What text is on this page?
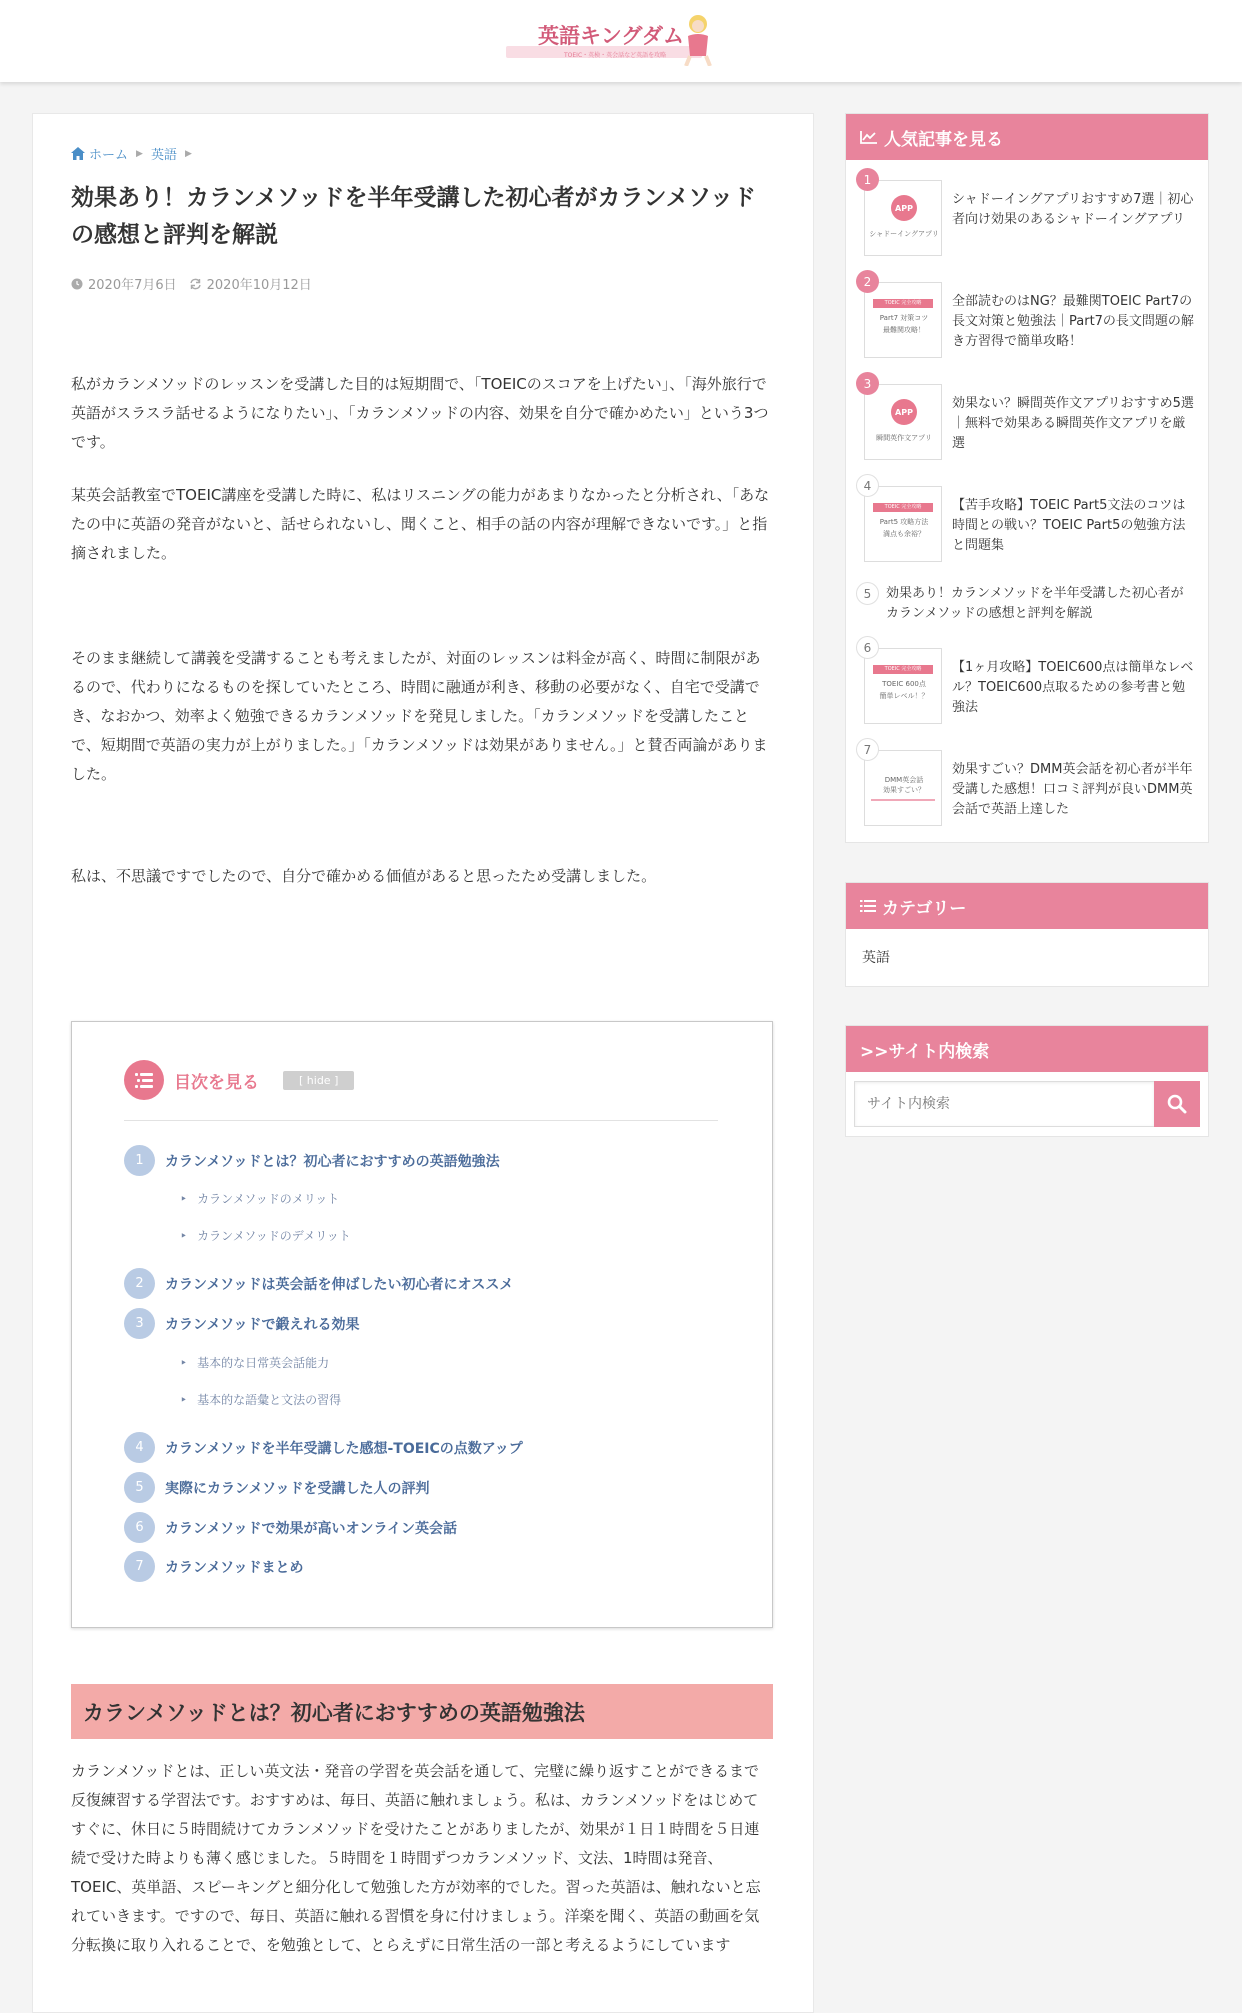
英語キングダム
TOEIC・英検・英会話など英語を攻略
ホーム ▶ 英語 ▶
効果あり！カランメソッドを半年受講した初心者がカランメソッドの感想と評判を解説
2020年7月6日 2020年10月12日

私がカランメソッドのレッスンを受講した目的は短期間で、「TOEICのスコアを上げたい」、「海外旅行で英語がスラスラ話せるようになりたい」、「カランメソッドの内容、効果を自分で確かめたい」という3つです。

某英会話教室でTOEIC講座を受講した時に、私はリスニングの能力があまりなかったと分析され、「あなたの中に英語の発音がないと、話せられないし、聞くこと、相手の話の内容が理解できないです。」と指摘されました。

そのまま継続して講義を受講することも考えましたが、対面のレッスンは料金が高く、時間に制限があるので、代わりになるものを探していたところ、時間に融通が利き、移動の必要がなく、自宅で受講でき、なおかつ、効率よく勉強できるカランメソッドを発見しました。「カランメソッドを受講したことで、短期間で英語の実力が上がりました。」「カランメソッドは効果がありません。」と賛否両論がありました。

私は、不思議ですでしたので、自分で確かめる価値があると思ったため受講しました。

目次を見る	[ hide ]
1	カランメソッドとは？初心者におすすめの英語勉強法
‣ カランメソッドのメリット
‣ カランメソッドのデメリット
2	カランメソッドは英会話を伸ばしたい初心者にオススメ
3	カランメソッドで鍛えれる効果
‣ 基本的な日常英会話能力
‣ 基本的な語彙と文法の習得
4	カランメソッドを半年受講した感想-TOEICの点数アップ
5	実際にカランメソッドを受講した人の評判
6	カランメソッドで効果が高いオンライン英会話
7	カランメソッドまとめ
カランメソッドとは？初心者におすすめの英語勉強法

カランメソッドとは、正しい英文法・発音の学習を英会話を通して、完璧に繰り返すことができるまで反復練習する学習法です。おすすめは、毎日、英語に触れましょう。私は、カランメソッドをはじめてすぐに、休日に５時間続けてカランメソッドを受けたことがありましたが、効果が１日１時間を５日連続で受けた時よりも薄く感じました。５時間を１時間ずつカランメソッド、文法、1時間は発音、TOEIC、英単語、スピーキングと細分化して勉強した方が効率的でした。習った英語は、触れないと忘れていきます。ですので、毎日、英語に触れる習慣を身に付けましょう。洋楽を聞く、英語の動画を気分転換に取り入れることで、を勉強として、とらえずに日常生活の一部と考えるようにしています

人気記事を見る
APP
シャドーイングアプリ
1
シャドーイングアプリおすすめ7選｜初心者向け効果のあるシャドーイングアプリ
TOEIC 完全攻略
Part7 対策コツ
最難関攻略！
2
全部読むのはNG？最難関TOEIC Part7の長文対策と勉強法｜Part7の長文問題の解き方習得で簡単攻略！
APP
瞬間英作文アプリ
3
効果ない？瞬間英作文アプリおすすめ5選｜無料で効果ある瞬間英作文アプリを厳選
TOEIC 完全攻略
Part5 攻略方法
満点も余裕？
4
【苦手攻略】TOEIC Part5文法のコツは時間との戦い？TOEIC Part5の勉強方法と問題集
5	効果あり！カランメソッドを半年受講した初心者がカランメソッドの感想と評判を解説
TOEIC 完全攻略
TOEIC 600点
簡単レベル！？
6
【1ヶ月攻略】TOEIC600点は簡単なレベル？TOEIC600点取るための参考書と勉強法
DMM英会話
効果すごい？
7
効果すごい？DMM英会話を初心者が半年受講した感想！口コミ評判が良いDMM英会話で英語上達した
カテゴリー
英語
>>サイト内検索
サイト内検索
